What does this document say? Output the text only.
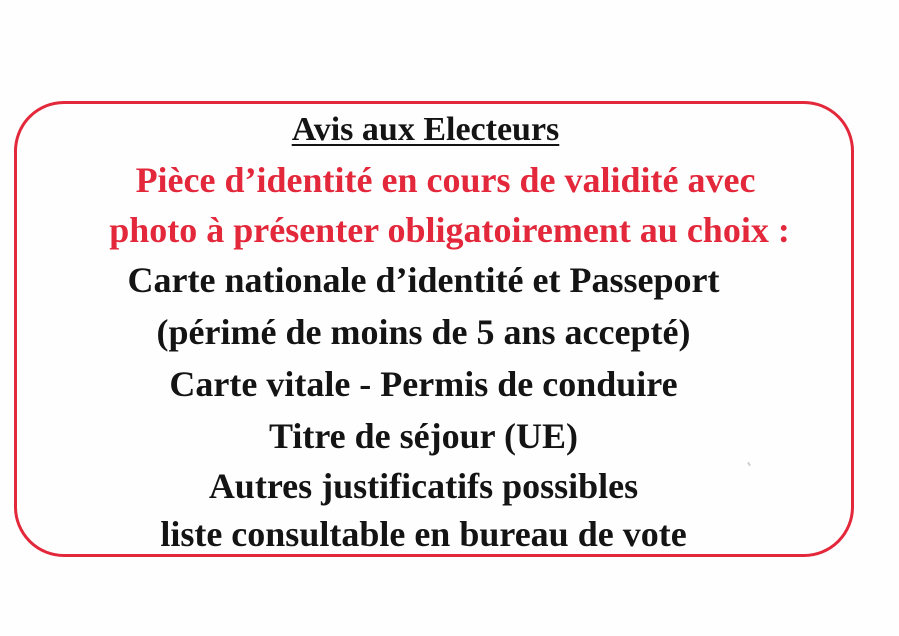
Avis aux Electeurs
Pièce d’identité en cours de validité avec
photo à présenter obligatoirement au choix :
Carte nationale d’identité et Passeport
(périmé de moins de 5 ans accepté)
Carte vitale - Permis de conduire
Titre de séjour (UE)
Autres justificatifs possibles
liste consultable en bureau de vote
